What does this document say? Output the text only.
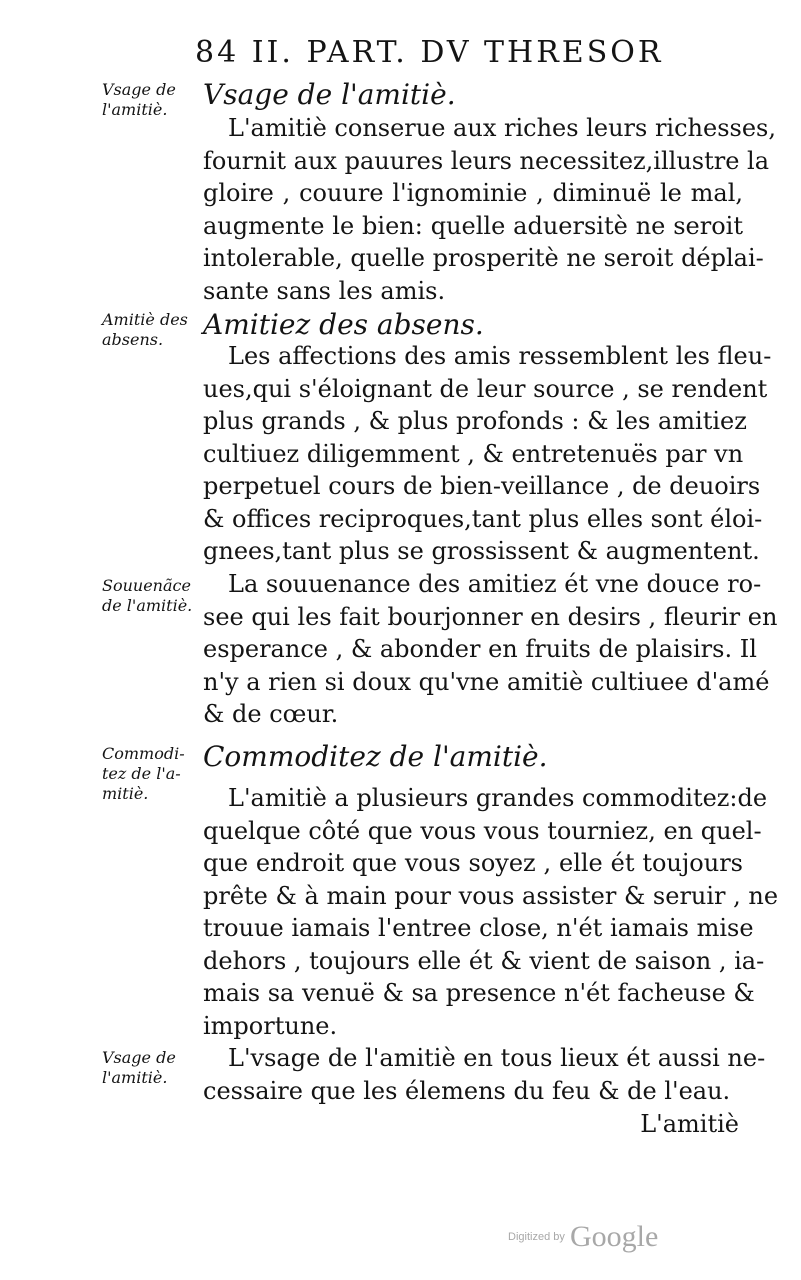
84 II. PART. DV THRESOR
Vsage de
l'amitiè.	Vsage de l'amitiè.
L'amitiè conserue aux riches leurs richesses,
fournit aux pauures leurs necessitez,illustre la
gloire , couure l'ignominie , diminuë le mal,
augmente le bien: quelle aduersitè ne seroit
intolerable, quelle prosperitè ne seroit déplai-
sante sans les amis.
Amitiè des
absens.	Amitiez des absens.
Les affections des amis ressemblent les fleu-
ues,qui s'éloignant de leur source , se rendent
plus grands , & plus profonds : & les amitiez
cultiuez diligemment , & entretenuës par vn
perpetuel cours de bien-veillance , de deuoirs
& offices reciproques,tant plus elles sont éloi-
gnees,tant plus se grossissent & augmentent.
Souuenãce
de l'amitiè.
La souuenance des amitiez ét vne douce ro-
see qui les fait bourjonner en desirs , fleurir en
esperance , & abonder en fruits de plaisirs. Il
n'y a rien si doux qu'vne amitiè cultiuee d'amé
& de cœur.
Commodi-
tez de l'a-
mitiè.
Commoditez de l'amitiè.
L'amitiè a plusieurs grandes commoditez:de
quelque côté que vous vous tourniez, en quel-
que endroit que vous soyez , elle ét toujours
prête & à main pour vous assister & seruir , ne
trouue iamais l'entree close, n'ét iamais mise
dehors , toujours elle ét & vient de saison , ia-
mais sa venuë & sa presence n'ét facheuse &
importune.
Vsage de
l'amitiè.
L'vsage de l'amitiè en tous lieux ét aussi ne-
cessaire que les élemens du feu & de l'eau.
L'amitiè
Digitized by Google
